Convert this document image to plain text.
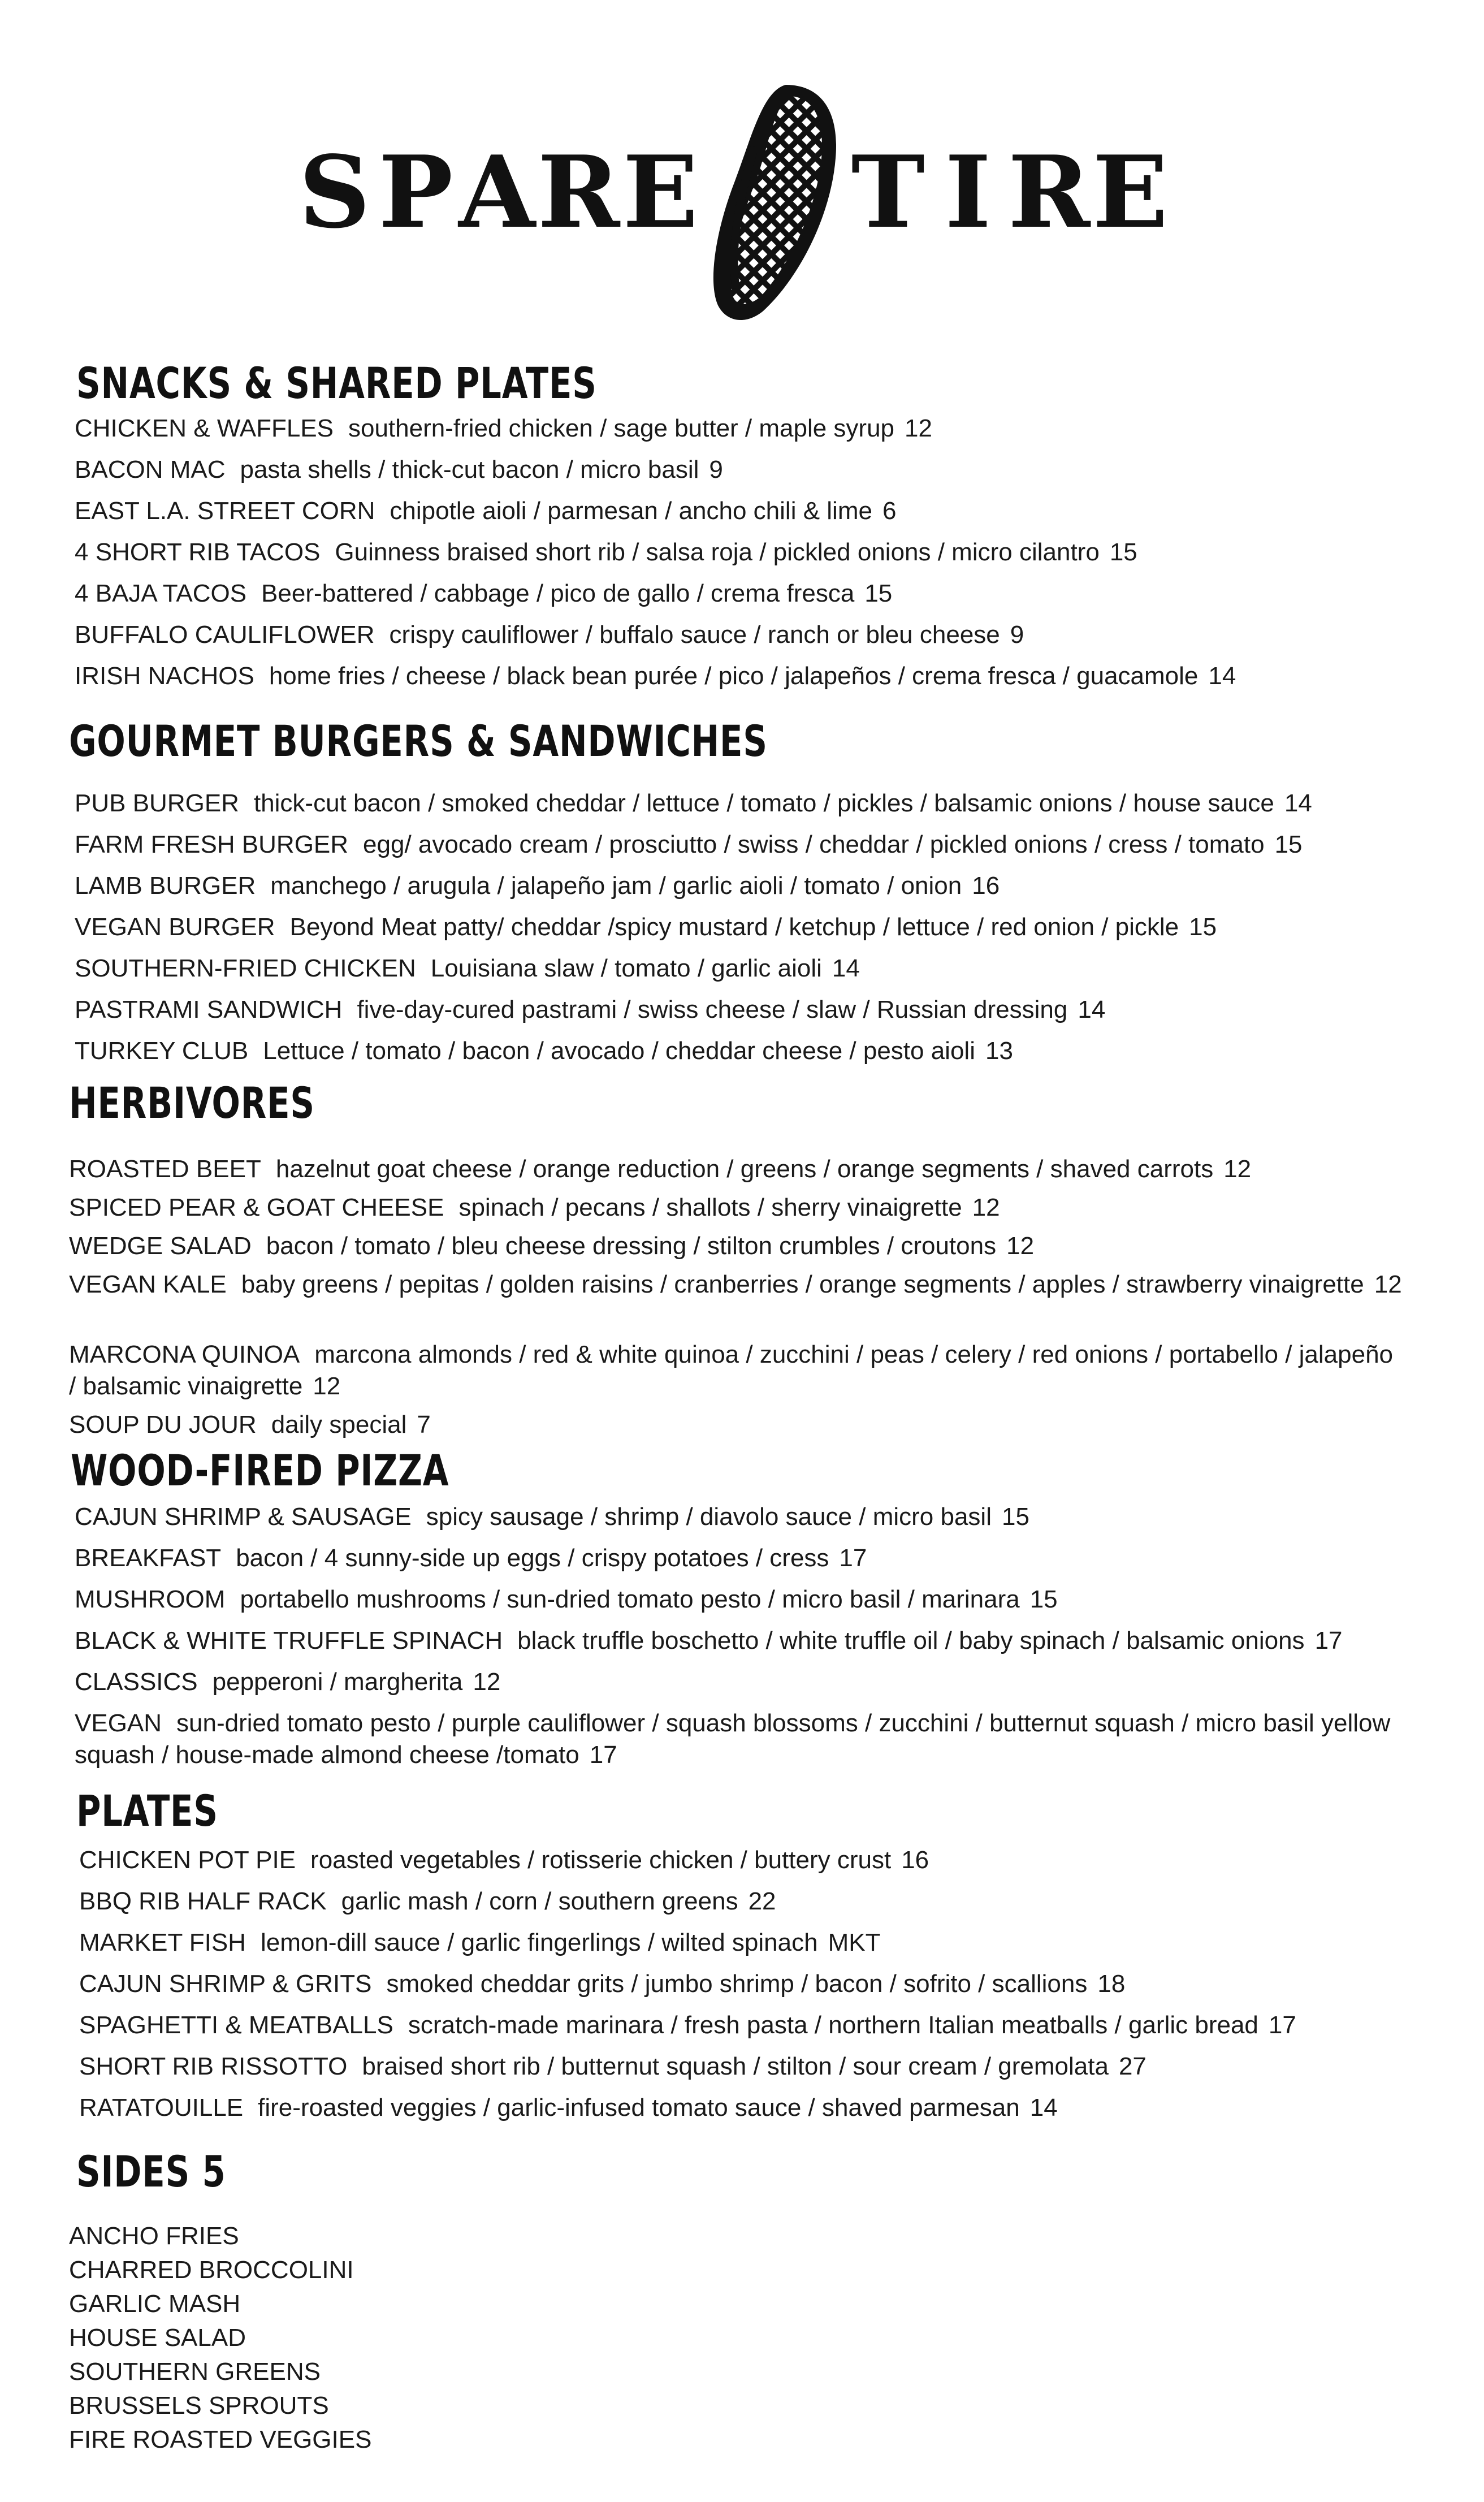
S P A R E T I R E
SNACKS & SHARED PLATES
CHICKEN & WAFFLES southern-fried chicken / sage butter / maple syrup 12
BACON MAC pasta shells / thick-cut bacon / micro basil 9
EAST L.A. STREET CORN chipotle aioli / parmesan / ancho chili & lime 6
4 SHORT RIB TACOS Guinness braised short rib / salsa roja / pickled onions / micro cilantro 15
4 BAJA TACOS Beer-battered / cabbage / pico de gallo / crema fresca 15
BUFFALO CAULIFLOWER crispy cauliflower / buffalo sauce / ranch or bleu cheese 9
IRISH NACHOS home fries / cheese / black bean purée / pico / jalapeños / crema fresca / guacamole 14
GOURMET BURGERS & SANDWICHES
PUB BURGER thick-cut bacon / smoked cheddar / lettuce / tomato / pickles / balsamic onions / house sauce 14
FARM FRESH BURGER egg/ avocado cream / prosciutto / swiss / cheddar / pickled onions / cress / tomato 15
LAMB BURGER manchego / arugula / jalapeño jam / garlic aioli / tomato / onion 16
VEGAN BURGER Beyond Meat patty/ cheddar /spicy mustard / ketchup / lettuce / red onion / pickle 15
SOUTHERN-FRIED CHICKEN Louisiana slaw / tomato / garlic aioli 14
PASTRAMI SANDWICH five-day-cured pastrami / swiss cheese / slaw / Russian dressing 14
TURKEY CLUB Lettuce / tomato / bacon / avocado / cheddar cheese / pesto aioli 13
HERBIVORES
ROASTED BEET hazelnut goat cheese / orange reduction / greens / orange segments / shaved carrots 12
SPICED PEAR & GOAT CHEESE spinach / pecans / shallots / sherry vinaigrette 12
WEDGE SALAD bacon / tomato / bleu cheese dressing / stilton crumbles / croutons 12
VEGAN KALE baby greens / pepitas / golden raisins / cranberries / orange segments / apples / strawberry vinaigrette 12
MARCONA QUINOA marcona almonds / red & white quinoa / zucchini / peas / celery / red onions / portabello / jalapeño / balsamic vinaigrette 12
SOUP DU JOUR daily special 7
WOOD-FIRED PIZZA
CAJUN SHRIMP & SAUSAGE spicy sausage / shrimp / diavolo sauce / micro basil 15
BREAKFAST bacon / 4 sunny-side up eggs / crispy potatoes / cress 17
MUSHROOM portabello mushrooms / sun-dried tomato pesto / micro basil / marinara 15
BLACK & WHITE TRUFFLE SPINACH black truffle boschetto / white truffle oil / baby spinach / balsamic onions 17
CLASSICS pepperoni / margherita 12
VEGAN sun-dried tomato pesto / purple cauliflower / squash blossoms / zucchini / butternut squash / micro basil yellow squash / house-made almond cheese /tomato 17
PLATES
CHICKEN POT PIE roasted vegetables / rotisserie chicken / buttery crust 16
BBQ RIB HALF RACK garlic mash / corn / southern greens 22
MARKET FISH lemon-dill sauce / garlic fingerlings / wilted spinach MKT
CAJUN SHRIMP & GRITS smoked cheddar grits / jumbo shrimp / bacon / sofrito / scallions 18
SPAGHETTI & MEATBALLS scratch-made marinara / fresh pasta / northern Italian meatballs / garlic bread 17
SHORT RIB RISSOTTO braised short rib / butternut squash / stilton / sour cream / gremolata 27
RATATOUILLE fire-roasted veggies / garlic-infused tomato sauce / shaved parmesan 14
SIDES 5
ANCHO FRIES
CHARRED BROCCOLINI
GARLIC MASH
HOUSE SALAD
SOUTHERN GREENS
BRUSSELS SPROUTS
FIRE ROASTED VEGGIES
